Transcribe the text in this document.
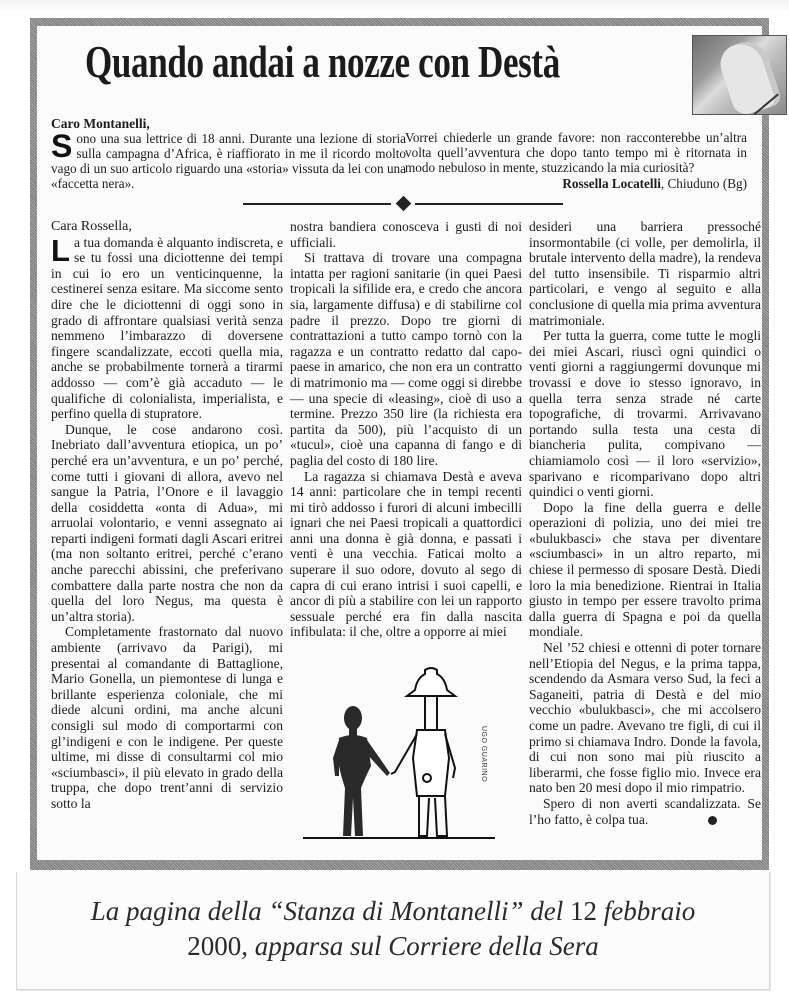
Quando andai a nozze con Destà
Caro Montanelli,
Sono una sua lettrice di 18 anni. Durante una lezione di storia sulla campagna d’Africa, è riaffiorato in me il ricordo molto vago di un suo articolo riguardo una «storia» vissuta da lei con una «faccetta nera».
Vorrei chiederle un grande favore: non racconterebbe un’altra volta quell’avventura che dopo tanto tempo mi è ritornata in modo nebuloso in mente, stuzzicando la mia curiosità?
Rossella Locatelli, Chiuduno (Bg)

Cara Rossella,

La tua domanda è alquanto indiscreta, e se tu fossi una diciottenne dei tempi in cui io ero un venticinquenne, la cestinerei senza esitare. Ma siccome sento dire che le diciottenni di oggi sono in grado di affrontare qualsiasi verità senza nemmeno l’imbarazzo di doversene fingere scandalizzate, eccoti quella mia, anche se probabilmente tornerà a tirarmi addosso — com’è già accaduto — le qualifiche di colonialista, imperialista, e perfino quella di stupratore.

Dunque, le cose andarono così. Inebriato dall’avventura etiopica, un po’ perché era un’avventura, e un po’ perché, come tutti i giovani di allora, avevo nel sangue la Patria, l’Onore e il lavaggio della cosiddetta «onta di Adua», mi arruolai volontario, e venni assegnato ai reparti indigeni formati dagli Ascari eritrei (ma non soltanto eritrei, perché c’erano anche parecchi abissini, che preferivano combattere dalla parte nostra che non da quella del loro Negus, ma questa è un’altra storia).

Completamente frastornato dal nuovo ambiente (arrivavo da Parigi), mi presentai al comandante di Battaglione, Mario Gonella, un piemontese di lunga e brillante esperienza coloniale, che mi diede alcuni ordini, ma anche alcuni consigli sul modo di comportarmi con gl’indigeni e con le indigene. Per queste ultime, mi disse di consultarmi col mio «sciumbasci», il più elevato in grado della truppa, che dopo trent’anni di servizio sotto la

nostra bandiera conosceva i gusti di noi ufficiali.

Si trattava di trovare una compagna intatta per ragioni sanitarie (in quei Paesi tropicali la sifilide era, e credo che ancora sia, largamente diffusa) e di stabilirne col padre il prezzo. Dopo tre giorni di contrattazioni a tutto campo tornò con la ragazza e un contratto redatto dal capo-paese in amarico, che non era un contratto di matrimonio ma — come oggi si direbbe — una specie di «leasing», cioè di uso a termine. Prezzo 350 lire (la richiesta era partita da 500), più l’acquisto di un «tucul», cioè una capanna di fango e di paglia del costo di 180 lire.

La ragazza si chiamava Destà e aveva 14 anni: particolare che in tempi recenti mi tirò addosso i furori di alcuni imbecilli ignari che nei Paesi tropicali a quattordici anni una donna è già donna, e passati i venti è una vecchia. Faticai molto a superare il suo odore, dovuto al sego di capra di cui erano intrisi i suoi capelli, e ancor di più a stabilire con lei un rapporto sessuale perché era fin dalla nascita infibulata: il che, oltre a opporre ai miei

UGO GUARINO

desideri una barriera pressoché insormontabile (ci volle, per demolirla, il brutale intervento della madre), la rendeva del tutto insensibile. Ti risparmio altri particolari, e vengo al seguito e alla conclusione di quella mia prima avventura matrimoniale.

Per tutta la guerra, come tutte le mogli dei miei Ascari, riuscì ogni quindici o venti giorni a raggiungermi dovunque mi trovassi e dove io stesso ignoravo, in quella terra senza strade né carte topografiche, di trovarmi. Arrivavano portando sulla testa una cesta di biancheria pulita, compivano — chiamiamolo così — il loro «servizio», sparivano e ricomparivano dopo altri quindici o venti giorni.

Dopo la fine della guerra e delle operazioni di polizia, uno dei miei tre «bulukbasci» che stava per diventare «sciumbasci» in un altro reparto, mi chiese il permesso di sposare Destà. Diedi loro la mia benedizione. Rientrai in Italia giusto in tempo per essere travolto prima dalla guerra di Spagna e poi da quella mondiale.

Nel ’52 chiesi e ottenni di poter tornare nell’Etiopia del Negus, e la prima tappa, scendendo da Asmara verso Sud, la feci a Saganeiti, patria di Destà e del mio vecchio «bulukbasci», che mi accolsero come un padre. Avevano tre figli, di cui il primo si chiamava Indro. Donde la favola, di cui non sono mai più riuscito a liberarmi, che fosse figlio mio. Invece era nato ben 20 mesi dopo il mio rimpatrio.

Spero di non averti scandalizzata. Se l’ho fatto, è colpa tua.

La pagina della “Stanza di Montanelli” del 12 febbraio
2000, apparsa sul Corriere della Sera
